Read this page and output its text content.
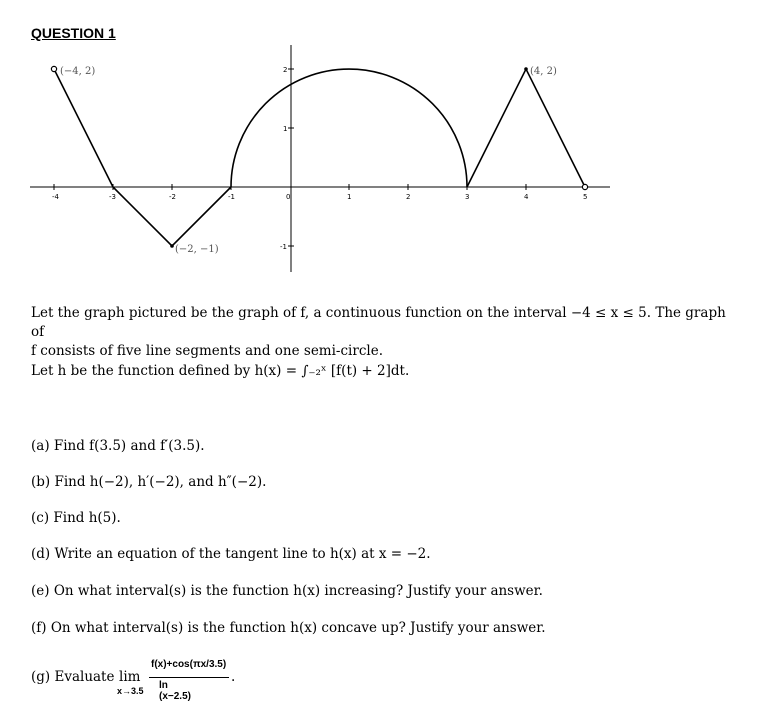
QUESTION 1
-4	-3	-2	-1	0	1	2	3	4	5
2
1
-1
(−4, 2)	(4, 2)
(−2, −1)
Let the graph pictured be the graph of f, a continuous function on the interval −4 ≤ x ≤ 5. The graph of
f consists of five line segments and one semi-circle.
Let h be the function defined by h(x) = ∫₋₂ˣ [f(t) + 2]dt.
(a) Find f(3.5) and f′(3.5).
(b) Find h(−2), h′(−2), and h″(−2).
(c) Find h(5).
(d) Write an equation of the tangent line to h(x) at x = −2.
(e) On what interval(s) is the function h(x) increasing? Justify your answer.
(f) On what interval(s) is the function h(x) concave up? Justify your answer.
(g) Evaluate lim
x→3.5
f(x)+cos(πx/3.5)
ln (x−2.5)
.
